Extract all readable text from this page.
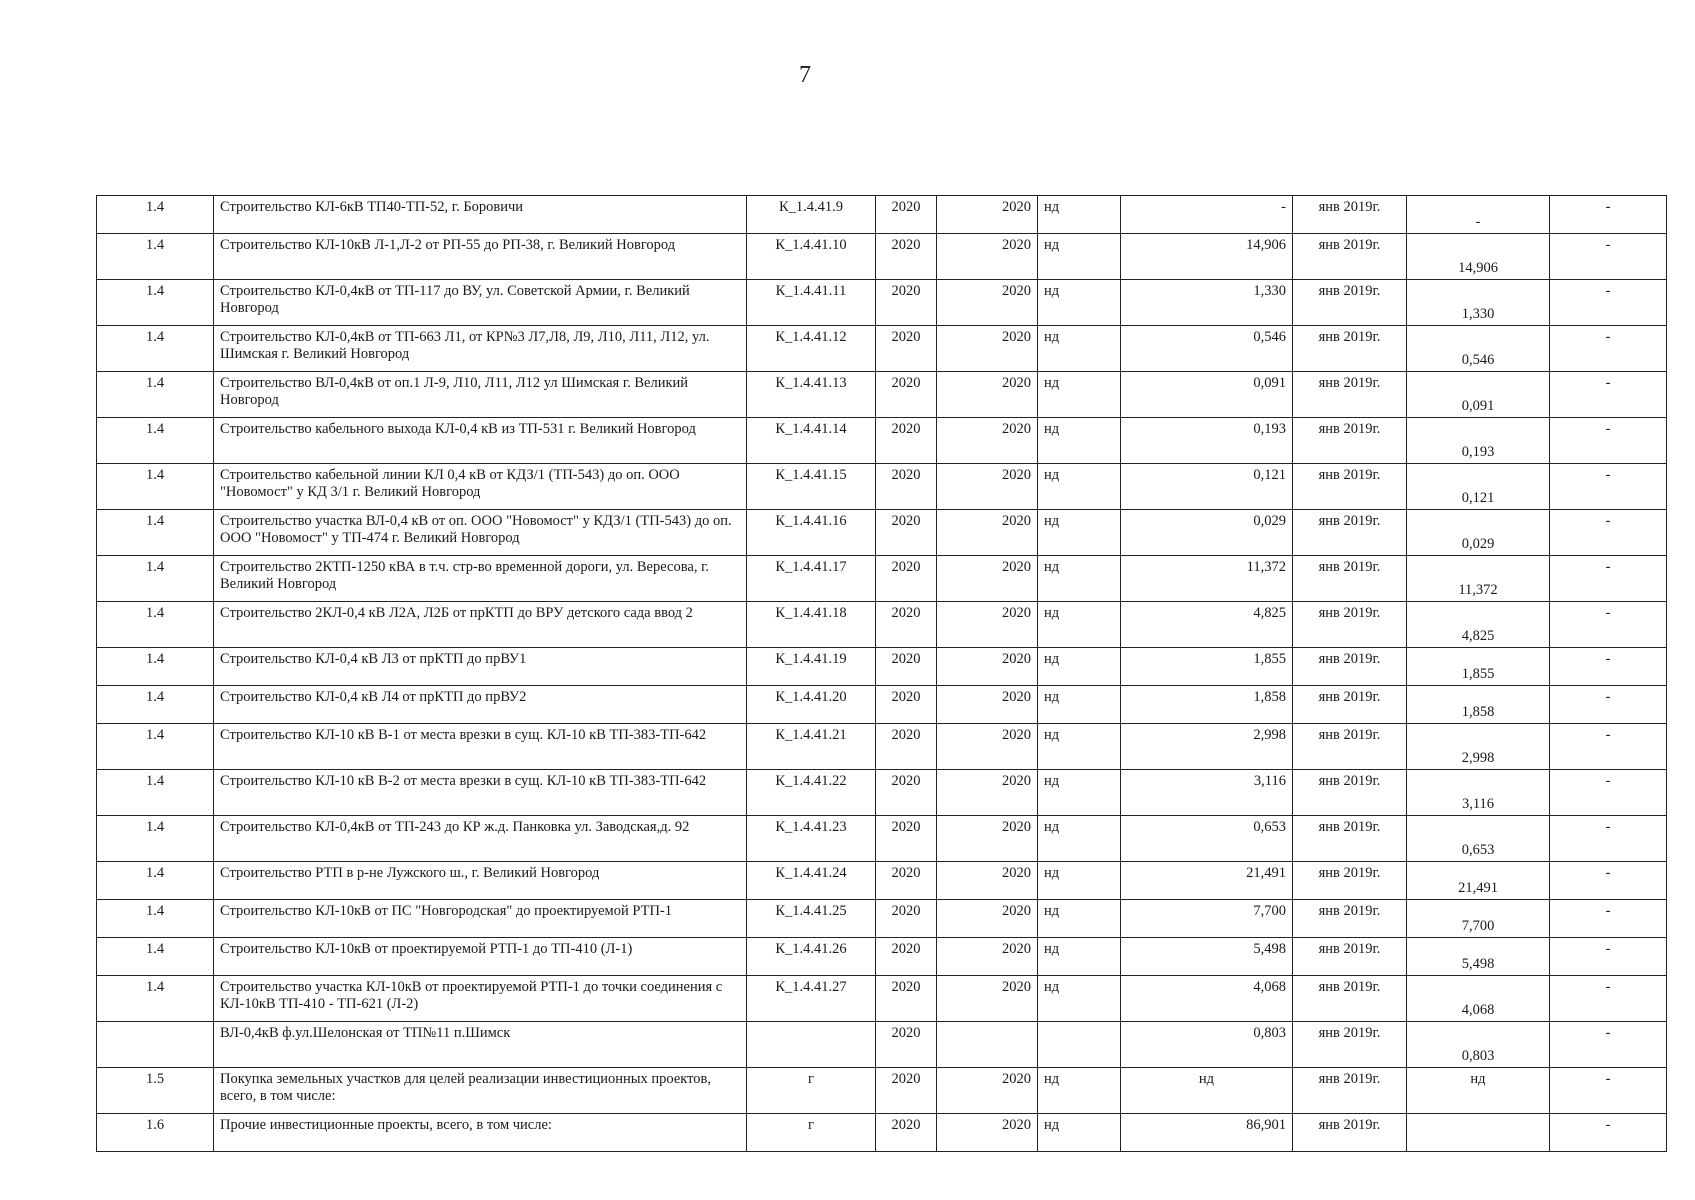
7
1.4	Строительство КЛ-6кВ ТП40-ТП-52, г. Боровичи	К_1.4.41.9	2020	2020	нд	-	янв 2019г.	-	-
1.4	Строительство КЛ-10кВ Л-1,Л-2 от РП-55 до РП-38, г. Великий Новгород	К_1.4.41.10	2020	2020	нд	14,906	янв 2019г.	14,906	-
1.4	Строительство КЛ-0,4кВ от ТП-117 до ВУ, ул. Советской Армии, г. Великий Новгород	К_1.4.41.11	2020	2020	нд	1,330	янв 2019г.	1,330	-
1.4	Строительство КЛ-0,4кВ от ТП-663 Л1, от КР№3 Л7,Л8, Л9, Л10, Л11, Л12, ул. Шимская г. Великий Новгород	К_1.4.41.12	2020	2020	нд	0,546	янв 2019г.	0,546	-
1.4	Строительство ВЛ-0,4кВ от оп.1 Л-9, Л10, Л11, Л12 ул Шимская г. Великий Новгород	К_1.4.41.13	2020	2020	нд	0,091	янв 2019г.	0,091	-
1.4	Строительство кабельного выхода КЛ-0,4 кВ из ТП-531 г. Великий Новгород	К_1.4.41.14	2020	2020	нд	0,193	янв 2019г.	0,193	-
1.4	Строительство кабельной линии КЛ 0,4 кВ от КДЗ/1 (ТП-543) до оп. ООО "Новомост" у КД 3/1 г. Великий Новгород	К_1.4.41.15	2020	2020	нд	0,121	янв 2019г.	0,121	-
1.4	Строительство участка ВЛ-0,4 кВ от оп. ООО "Новомост" у КДЗ/1 (ТП-543) до оп. ООО "Новомост" у ТП-474 г. Великий Новгород	К_1.4.41.16	2020	2020	нд	0,029	янв 2019г.	0,029	-
1.4	Строительство 2КТП-1250 кВА в т.ч. стр-во временной дороги, ул. Вересова, г. Великий Новгород	К_1.4.41.17	2020	2020	нд	11,372	янв 2019г.	11,372	-
1.4	Строительство 2КЛ-0,4 кВ Л2А, Л2Б от прКТП до ВРУ детского сада ввод 2	К_1.4.41.18	2020	2020	нд	4,825	янв 2019г.	4,825	-
1.4	Строительство КЛ-0,4 кВ Л3 от прКТП до прВУ1	К_1.4.41.19	2020	2020	нд	1,855	янв 2019г.	1,855	-
1.4	Строительство КЛ-0,4 кВ Л4 от прКТП до прВУ2	К_1.4.41.20	2020	2020	нд	1,858	янв 2019г.	1,858	-
1.4	Строительство КЛ-10 кВ В-1 от места врезки в сущ. КЛ-10 кВ ТП-383-ТП-642	К_1.4.41.21	2020	2020	нд	2,998	янв 2019г.	2,998	-
1.4	Строительство КЛ-10 кВ В-2 от места врезки в сущ. КЛ-10 кВ ТП-383-ТП-642	К_1.4.41.22	2020	2020	нд	3,116	янв 2019г.	3,116	-
1.4	Строительство КЛ-0,4кВ от ТП-243 до КР ж.д. Панковка ул. Заводская,д. 92	К_1.4.41.23	2020	2020	нд	0,653	янв 2019г.	0,653	-
1.4	Строительство РТП в р-не Лужского ш., г. Великий Новгород	К_1.4.41.24	2020	2020	нд	21,491	янв 2019г.	21,491	-
1.4	Строительство КЛ-10кВ от ПС "Новгородская" до проектируемой РТП-1	К_1.4.41.25	2020	2020	нд	7,700	янв 2019г.	7,700	-
1.4	Строительство КЛ-10кВ от проектируемой РТП-1 до ТП-410 (Л-1)	К_1.4.41.26	2020	2020	нд	5,498	янв 2019г.	5,498	-
1.4	Строительство участка КЛ-10кВ от проектируемой РТП-1 до точки соединения с КЛ-10кВ ТП-410 - ТП-621 (Л-2)	К_1.4.41.27	2020	2020	нд	4,068	янв 2019г.	4,068	-
	ВЛ-0,4кВ ф.ул.Шелонская от ТП№11 п.Шимск		2020			0,803	янв 2019г.	0,803	-
1.5	Покупка земельных участков для целей реализации инвестиционных проектов, всего, в том числе:	г	2020	2020	нд	нд	янв 2019г.	нд	-
1.6	Прочие инвестиционные проекты, всего, в том числе:	г	2020	2020	нд	86,901	янв 2019г.		-
